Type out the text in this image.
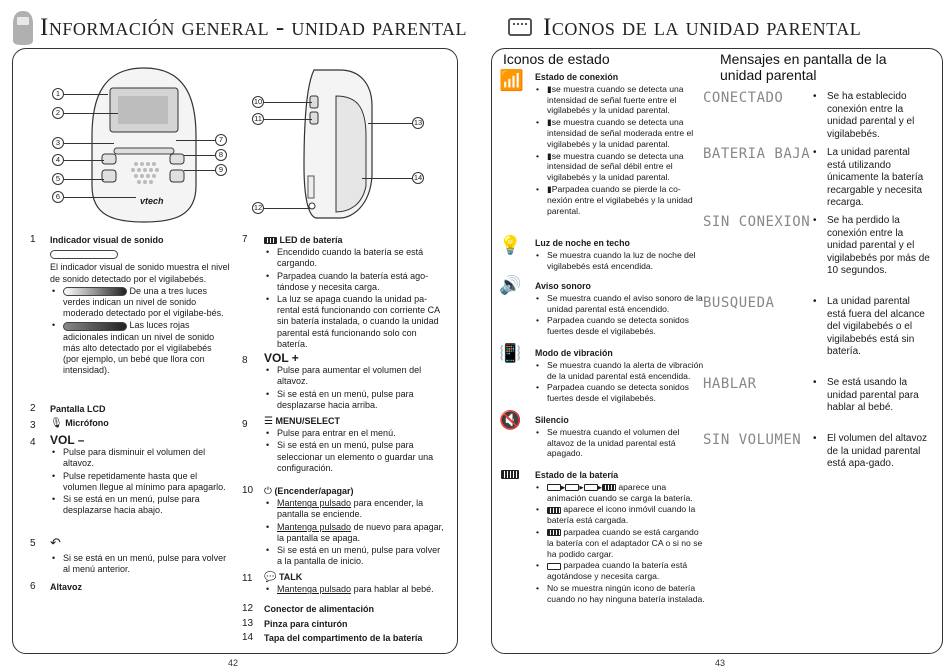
Información general - unidad parental
vtech
1
2
3
4
5
6
7
8
9
10
11
12
13
14
1 Indicador visual de sonido

El indicador visual de sonido muestra el nivel de sonido detectado por el vigilabebés.

• De una a tres luces verdes indican un nivel de sonido moderado detectado por el vigilabe-bés.
• Las luces rojas adicionales indican un nivel de sonido más alto detectado por el vigilabebés (por ejemplo, un bebé que llora con intensidad).
2 Pantalla LCD
3 🎙 Micrófono
4 VOL –
• Pulse para disminuir el volumen del altavoz.
• Pulse repetidamente hasta que el volumen llegue al mínimo para apagarlo.
• Si se está en un menú, pulse para desplazarse hacia abajo.
5 ↶
• Si se está en un menú, pulse para volver al menú anterior.
6 Altavoz
7	LED de batería
• Encendido cuando la batería se está cargando.
• Parpadea cuando la batería está ago-tándose y necesita carga.
• La luz se apaga cuando la unidad pa-rental está funcionando con corriente CA sin batería instalada, o cuando la unidad parental está funcionando solo con batería.
8 VOL +
• Pulse para aumentar el volumen del altavoz.
• Si se está en un menú, pulse para desplazarse hacia arriba.
9 ☰ MENU/SELECT
• Pulse para entrar en el menú.
• Si se está en un menú, pulse para seleccionar un elemento o guardar una configuración.
10 ⏻ (Encender/apagar)
• Mantenga pulsado para encender, la pantalla se enciende.
• Mantenga pulsado de nuevo para apagar, la pantalla se apaga.
• Si se está en un menú, pulse para volver a la pantalla de inicio.
11 💬 TALK
• Mantenga pulsado para hablar al bebé.
12 Conector de alimentación
13 Pinza para cinturón
14 Tapa del compartimento de la batería
42
Iconos de la unidad parental
Iconos de estado	Mensajes en pantalla de la unidad parental
📶 Estado de conexión
• ▮se muestra cuando se detecta una intensidad de señal fuerte entre el vigilabebés y la unidad parental.
• ▮se muestra cuando se detecta una intensidad de señal moderada entre el vigilabebés y la unidad parental.
• ▮se muestra cuando se detecta una intensidad de señal débil entre el vigilabebés y la unidad parental.
• ▮Parpadea cuando se pierde la co-nexión entre el vigilabebés y la unidad parental.
💡 Luz de noche en techo
• Se muestra cuando la luz de noche del vigilabebés está encendida.
🔊 Aviso sonoro
• Se muestra cuando el aviso sonoro de la unidad parental está encendido.
• Parpadea cuando se detecta sonidos fuertes desde el vigilabebés.
📳 Modo de vibración
• Se muestra cuando la alerta de vibración de la unidad parental está encendida.
• Parpadea cuando se detecta sonidos fuertes desde el vigilabebés.
🔇 Silencio
• Se muestra cuando el volumen del altavoz de la unidad parental está apagado.
Estado de la batería
• ▸ ▸ ▸ aparece una animación cuando se carga la batería.
• aparece el icono inmóvil cuando la batería está cargada.
• parpadea cuando se está cargando la batería con el adaptador CA o si no se ha podido cargar.
• parpadea cuando la batería está agotándose y necesita carga.
• No se muestra ningún icono de batería cuando no hay ninguna batería instalada.
CONECTADO	• Se ha establecido conexión entre la unidad parental y el vigilabebés.
BATERIA BAJA • La unidad parental está utilizando únicamente la batería recargable y necesita recarga.
SIN CONEXION • Se ha perdido la conexión entre la unidad parental y el vigilabebés por más de 10 segundos.
BUSQUEDA	• La unidad parental está fuera del alcance del vigilabebés o el vigilabebés está sin batería.
HABLAR	• Se está usando la unidad parental para hablar al bebé.
SIN VOLUMEN	• El volumen del altavoz de la unidad parental está apa-gado.
43
